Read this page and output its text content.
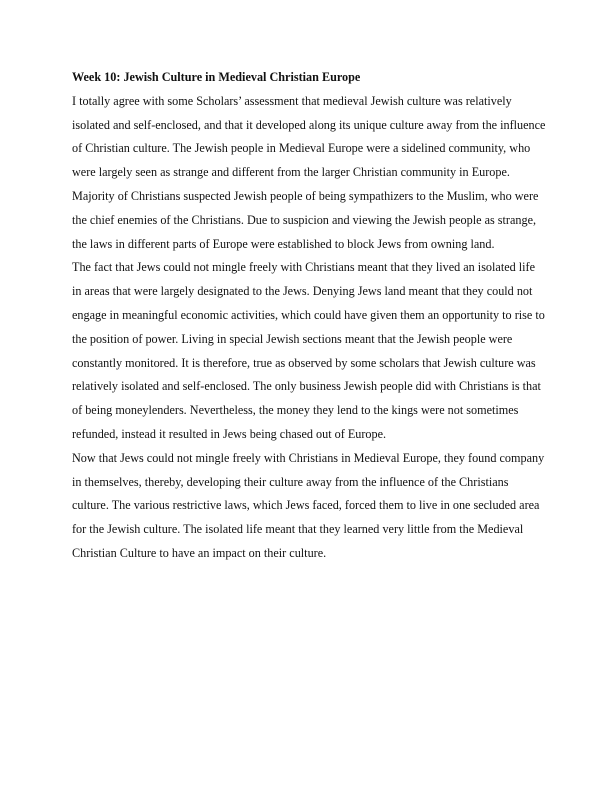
Week 10: Jewish Culture in Medieval Christian Europe

I totally agree with some Scholars’ assessment that medieval Jewish culture was relatively

isolated and self-enclosed, and that it developed along its unique culture away from the influence

of Christian culture. The Jewish people in Medieval Europe were a sidelined community, who

were largely seen as strange and different from the larger Christian community in Europe.

Majority of Christians suspected Jewish people of being sympathizers to the Muslim, who were

the chief enemies of the Christians. Due to suspicion and viewing the Jewish people as strange,

the laws in different parts of Europe were established to block Jews from owning land.

The fact that Jews could not mingle freely with Christians meant that they lived an isolated life

in areas that were largely designated to the Jews. Denying Jews land meant that they could not

engage in meaningful economic activities, which could have given them an opportunity to rise to

the position of power. Living in special Jewish sections meant that the Jewish people were

constantly monitored. It is therefore, true as observed by some scholars that Jewish culture was

relatively isolated and self-enclosed. The only business Jewish people did with Christians is that

of being moneylenders. Nevertheless, the money they lend to the kings were not sometimes

refunded, instead it resulted in Jews being chased out of Europe.

Now that Jews could not mingle freely with Christians in Medieval Europe, they found company

in themselves, thereby, developing their culture away from the influence of the Christians

culture. The various restrictive laws, which Jews faced, forced them to live in one secluded area

for the Jewish culture. The isolated life meant that they learned very little from the Medieval

Christian Culture to have an impact on their culture.
